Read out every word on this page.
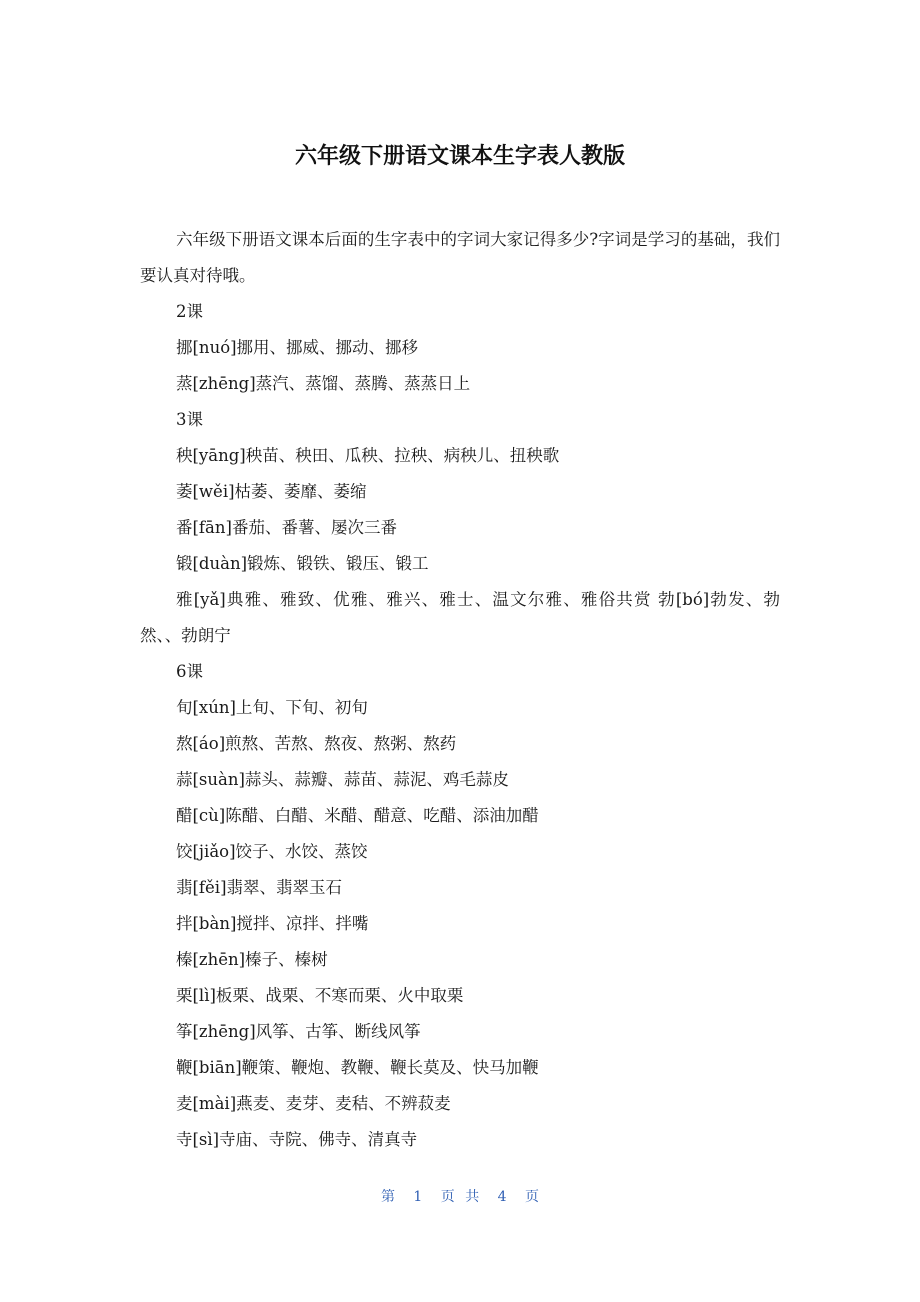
六年级下册语文课本生字表人教版

六年级下册语文课本后面的生字表中的字词大家记得多少?字词是学习的基础，我们要认真对待哦。

2课

挪[nuó]挪用、挪威、挪动、挪移

蒸[zhēng]蒸汽、蒸馏、蒸腾、蒸蒸日上

3课

秧[yāng]秧苗、秧田、瓜秧、拉秧、病秧儿、扭秧歌

萎[wěi]枯萎、萎靡、萎缩

番[fān]番茄、番薯、屡次三番

锻[duàn]锻炼、锻铁、锻压、锻工

雅[yǎ]典雅、雅致、优雅、雅兴、雅士、温文尔雅、雅俗共赏 勃[bó]勃发、勃然、、勃朗宁

6课

旬[xún]上旬、下旬、初旬

熬[áo]煎熬、苦熬、熬夜、熬粥、熬药

蒜[suàn]蒜头、蒜瓣、蒜苗、蒜泥、鸡毛蒜皮

醋[cù]陈醋、白醋、米醋、醋意、吃醋、添油加醋

饺[jiǎo]饺子、水饺、蒸饺

翡[fěi]翡翠、翡翠玉石

拌[bàn]搅拌、凉拌、拌嘴

榛[zhēn]榛子、榛树

栗[lì]板栗、战栗、不寒而栗、火中取栗

筝[zhēng]风筝、古筝、断线风筝

鞭[biān]鞭策、鞭炮、教鞭、鞭长莫及、快马加鞭

麦[mài]燕麦、麦芽、麦秸、不辨菽麦

寺[sì]寺庙、寺院、佛寺、清真寺

第 1 页 共 4 页
